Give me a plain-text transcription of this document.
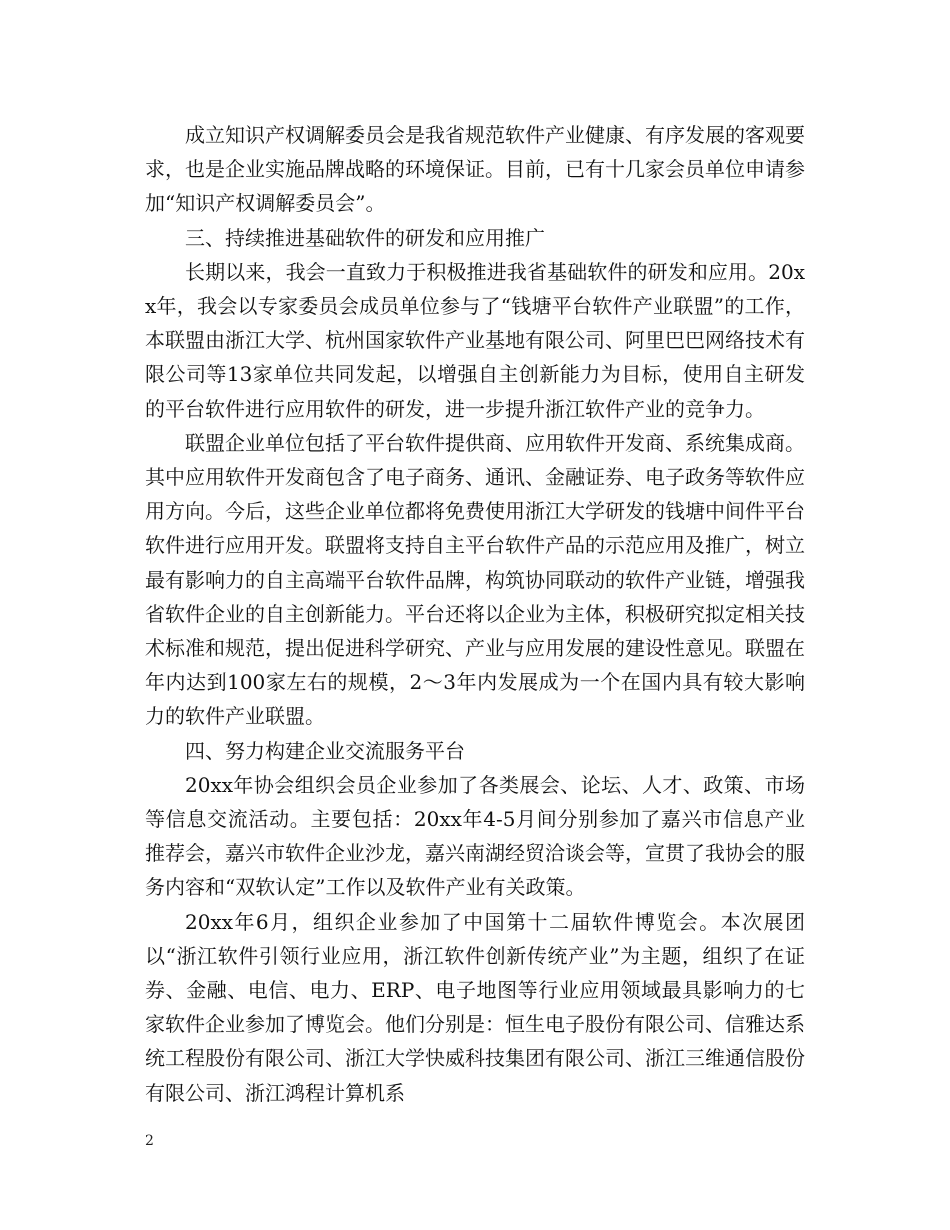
成立知识产权调解委员会是我省规范软件产业健康、有序发展的客观要求，也是企业实施品牌战略的环境保证。目前，已有十几家会员单位申请参加“知识产权调解委员会”。

三、持续推进基础软件的研发和应用推广

长期以来，我会一直致力于积极推进我省基础软件的研发和应用。20xx年，我会以专家委员会成员单位参与了“钱塘平台软件产业联盟”的工作，本联盟由浙江大学、杭州国家软件产业基地有限公司、阿里巴巴网络技术有限公司等13家单位共同发起，以增强自主创新能力为目标，使用自主研发的平台软件进行应用软件的研发，进一步提升浙江软件产业的竞争力。

联盟企业单位包括了平台软件提供商、应用软件开发商、系统集成商。其中应用软件开发商包含了电子商务、通讯、金融证券、电子政务等软件应用方向。今后，这些企业单位都将免费使用浙江大学研发的钱塘中间件平台软件进行应用开发。联盟将支持自主平台软件产品的示范应用及推广，树立最有影响力的自主高端平台软件品牌，构筑协同联动的软件产业链，增强我省软件企业的自主创新能力。平台还将以企业为主体，积极研究拟定相关技术标准和规范，提出促进科学研究、产业与应用发展的建设性意见。联盟在年内达到100家左右的规模，2～3年内发展成为一个在国内具有较大影响力的软件产业联盟。

四、努力构建企业交流服务平台

20xx年协会组织会员企业参加了各类展会、论坛、人才、政策、市场等信息交流活动。主要包括：20xx年4-5月间分别参加了嘉兴市信息产业推荐会，嘉兴市软件企业沙龙，嘉兴南湖经贸洽谈会等，宣贯了我协会的服务内容和“双软认定”工作以及软件产业有关政策。

20xx年6月，组织企业参加了中国第十二届软件博览会。本次展团以“浙江软件引领行业应用，浙江软件创新传统产业”为主题，组织了在证券、金融、电信、电力、ERP、电子地图等行业应用领域最具影响力的七家软件企业参加了博览会。他们分别是：恒生电子股份有限公司、信雅达系统工程股份有限公司、浙江大学快威科技集团有限公司、浙江三维通信股份有限公司、浙江鸿程计算机系

2
